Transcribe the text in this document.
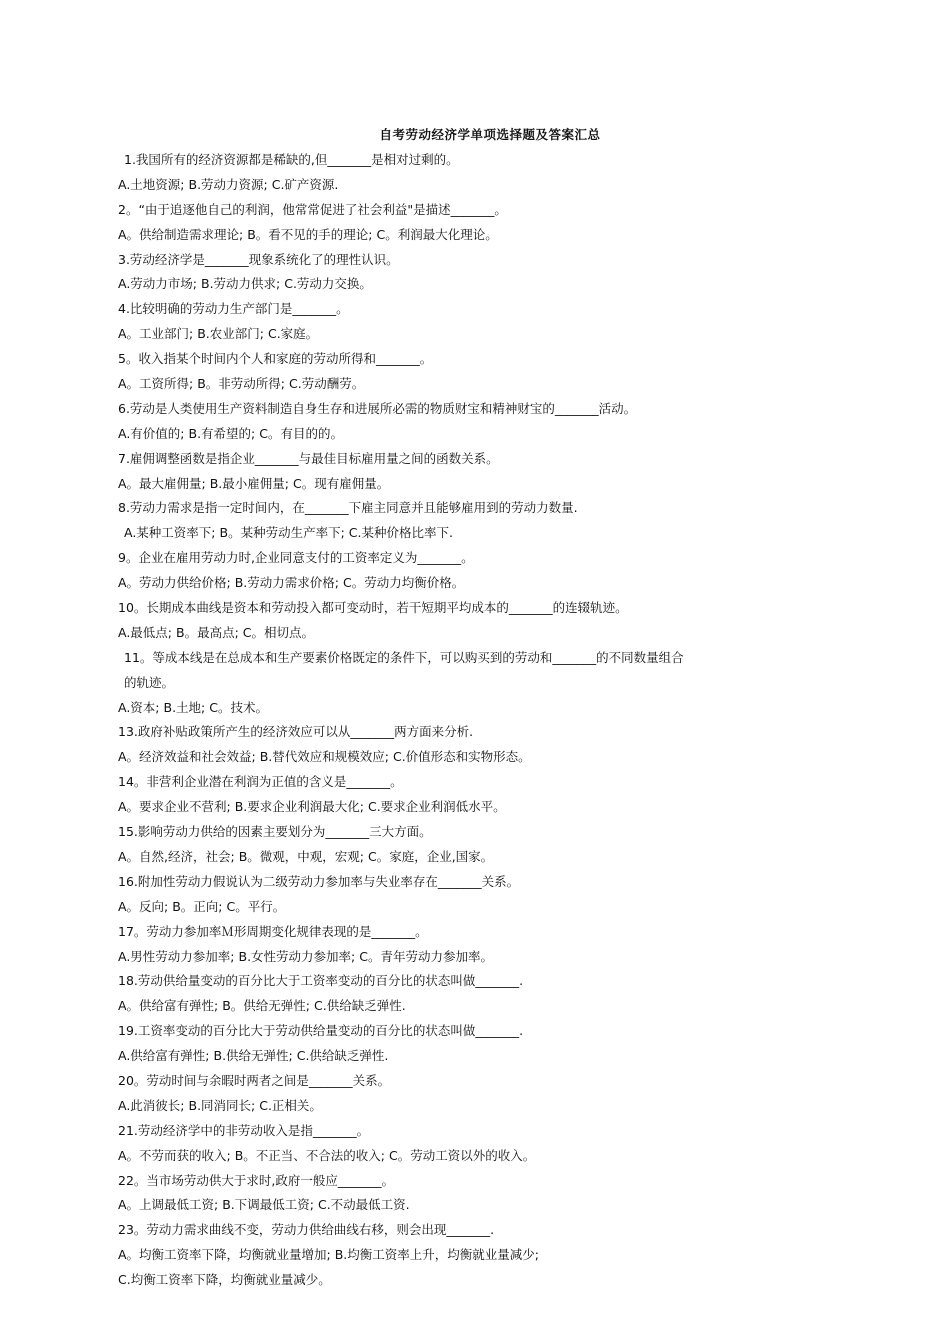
自考劳动经济学单项选择题及答案汇总
1.我国所有的经济资源都是稀缺的,但_______是相对过剩的。
A.土地资源; B.劳动力资源; C.矿产资源.
2。“由于追逐他自己的利润，他常常促进了社会利益"是描述_______。
A。供给制造需求理论; B。看不见的手的理论; C。利润最大化理论。
3.劳动经济学是_______现象系统化了的理性认识。
A.劳动力市场; B.劳动力供求; C.劳动力交换。
4.比较明确的劳动力生产部门是_______。
A。工业部门; B.农业部门; C.家庭。
5。收入指某个时间内个人和家庭的劳动所得和_______。
A。工资所得; B。非劳动所得; C.劳动酬劳。
6.劳动是人类使用生产资料制造自身生存和进展所必需的物质财宝和精神财宝的_______活动。
A.有价值的; B.有希望的; C。有目的的。
7.雇佣调整函数是指企业_______与最佳目标雇用量之间的函数关系。
A。最大雇佣量; B.最小雇佣量; C。现有雇佣量。
8.劳动力需求是指一定时间内，在_______下雇主同意并且能够雇用到的劳动力数量.
A.某种工资率下; B。某种劳动生产率下; C.某种价格比率下.
9。企业在雇用劳动力时,企业同意支付的工资率定义为_______。
A。劳动力供给价格; B.劳动力需求价格; C。劳动力均衡价格。
10。长期成本曲线是资本和劳动投入都可变动时，若干短期平均成本的_______的连辍轨迹。
A.最低点; B。最高点; C。相切点。
11。等成本线是在总成本和生产要素价格既定的条件下，可以购买到的劳动和_______的不同数量组合
的轨迹。
A.资本; B.土地; C。技术。
13.政府补贴政策所产生的经济效应可以从_______两方面来分析.
A。经济效益和社会效益; B.替代效应和规模效应; C.价值形态和实物形态。
14。非营利企业潜在利润为正值的含义是_______。
A。要求企业不营利; B.要求企业利润最大化; C.要求企业利润低水平。
15.影响劳动力供给的因素主要划分为_______三大方面。
A。自然,经济，社会; B。微观，中观，宏观; C。家庭，企业,国家。
16.附加性劳动力假说认为二级劳动力参加率与失业率存在_______关系。
A。反向; B。正向; C。平行。
17。劳动力参加率Ｍ形周期变化规律表现的是_______。
A.男性劳动力参加率; B.女性劳动力参加率; C。青年劳动力参加率。
18.劳动供给量变动的百分比大于工资率变动的百分比的状态叫做_______.
A。供给富有弹性; B。供给无弹性; C.供给缺乏弹性.
19.工资率变动的百分比大于劳动供给量变动的百分比的状态叫做_______.
A.供给富有弹性; B.供给无弹性; C.供给缺乏弹性.
20。劳动时间与余暇时两者之间是_______关系。
A.此消彼长; B.同消同长; C.正相关。
21.劳动经济学中的非劳动收入是指_______。
A。不劳而获的收入; B。不正当、不合法的收入; C。劳动工资以外的收入。
22。当市场劳动供大于求时,政府一般应_______。
A。上调最低工资; B.下调最低工资; C.不动最低工资.
23。劳动力需求曲线不变，劳动力供给曲线右移，则会出现_______.
A。均衡工资率下降，均衡就业量增加; B.均衡工资率上升，均衡就业量减少;
C.均衡工资率下降，均衡就业量减少。
